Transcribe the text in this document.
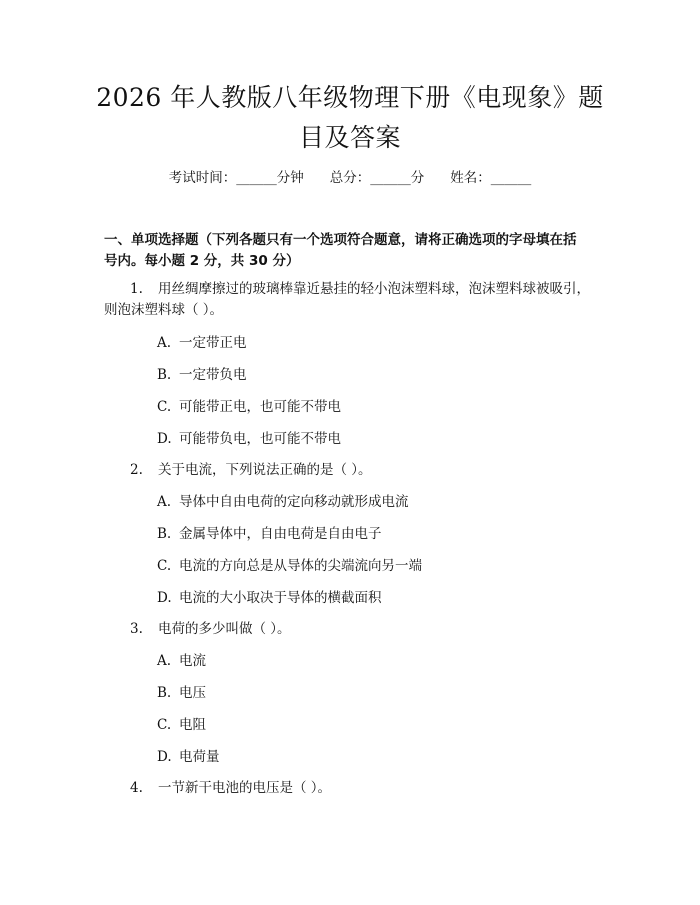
2026 年人教版八年级物理下册《电现象》题
目及答案
考试时间：______分钟 总分：______分 姓名：______
一、单项选择题（下列各题只有一个选项符合题意，请将正确选项的字母填在括
号内。每小题 2 分，共 30 分）
1. 用丝绸摩擦过的玻璃棒靠近悬挂的轻小泡沫塑料球，泡沫塑料球被吸引，
则泡沫塑料球（ ）。
A. 一定带正电
B. 一定带负电
C. 可能带正电，也可能不带电
D. 可能带负电，也可能不带电
2. 关于电流，下列说法正确的是（ ）。
A. 导体中自由电荷的定向移动就形成电流
B. 金属导体中，自由电荷是自由电子
C. 电流的方向总是从导体的尖端流向另一端
D. 电流的大小取决于导体的横截面积
3. 电荷的多少叫做（ ）。
A. 电流
B. 电压
C. 电阻
D. 电荷量
4. 一节新干电池的电压是（ ）。
